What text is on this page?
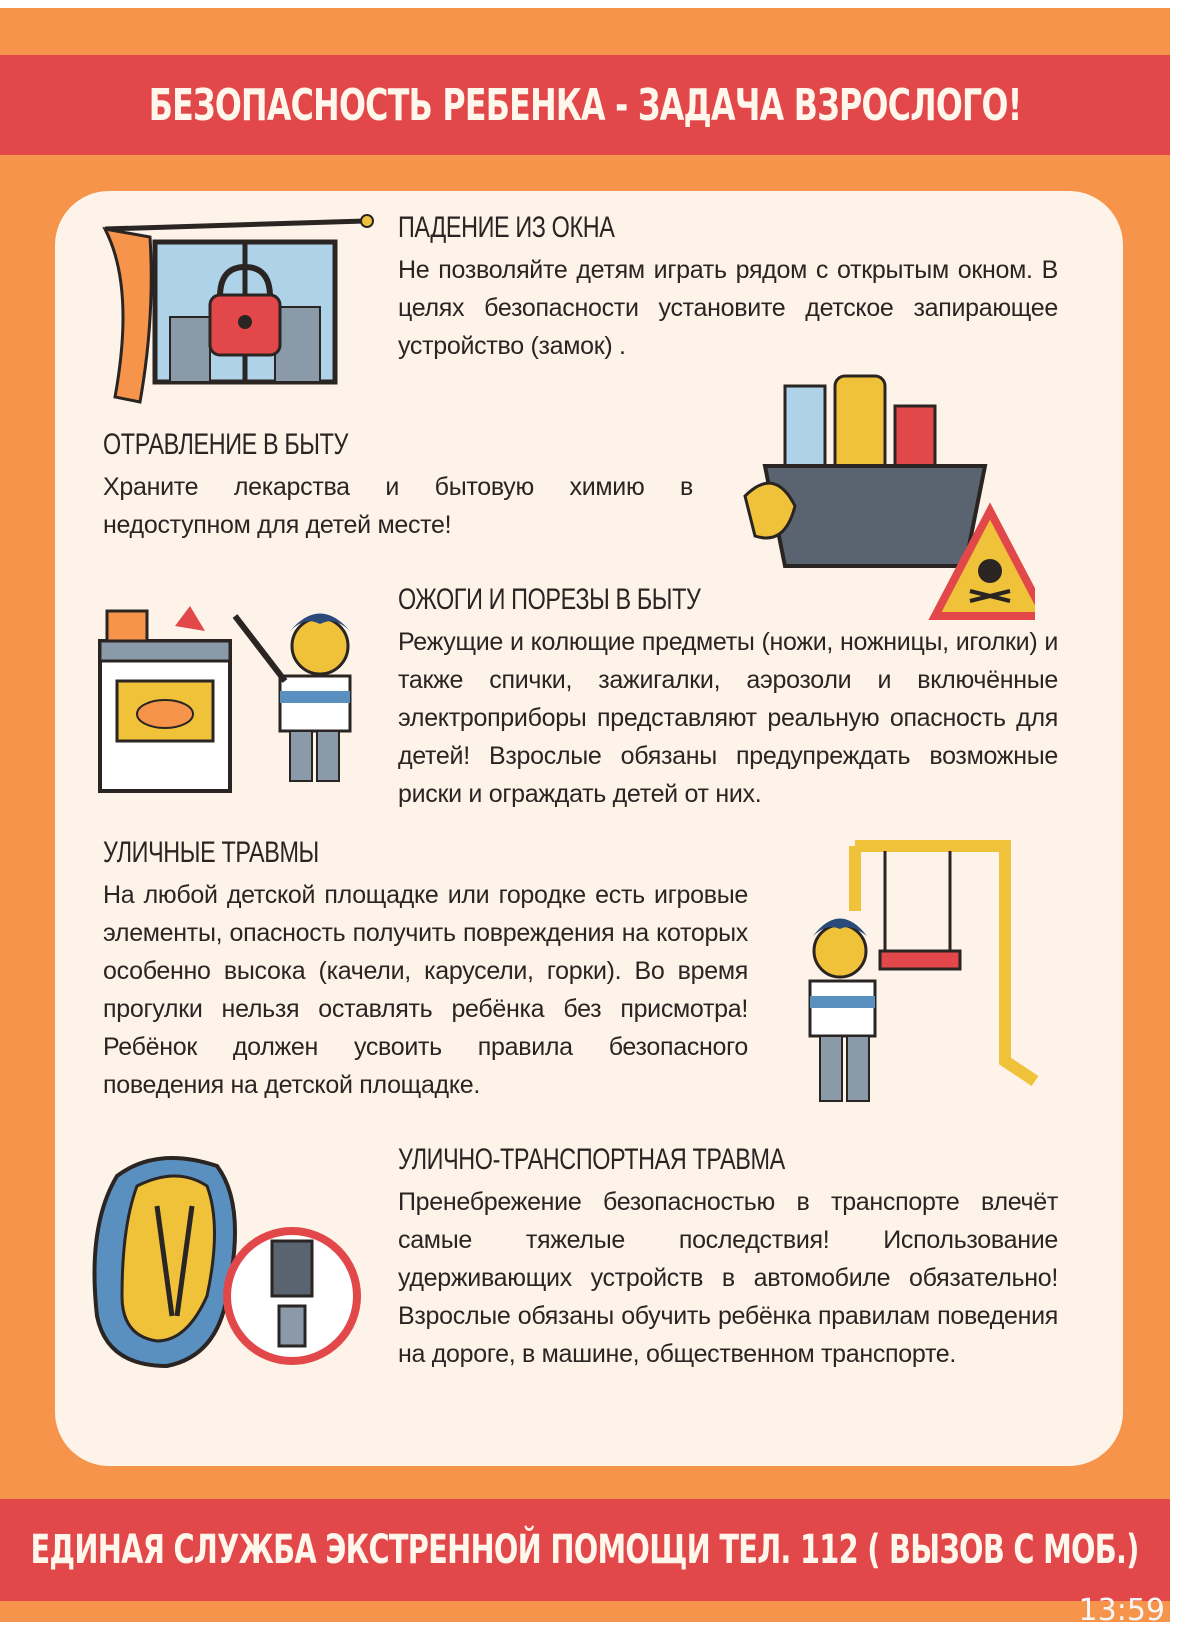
БЕЗОПАСНОСТЬ РЕБЕНКА - ЗАДАЧА ВЗРОСЛОГО!
ПАДЕНИЕ ИЗ ОКНА
Не позволяйте детям играть рядом с открытым окном. В целях безопасности установите детское запирающее устройство (замок) .
ОТРАВЛЕНИЕ В БЫТУ
Храните лекарства и бытовую химию в недоступном для детей месте!
ОЖОГИ И ПОРЕЗЫ В БЫТУ
Режущие и колющие предметы (ножи, ножницы, иголки) и также спички, зажигалки, аэрозоли и включённые электроприборы представляют реальную опасность для детей! Взрослые обязаны предупреждать возможные риски и ограждать детей от них.
УЛИЧНЫЕ ТРАВМЫ
На любой детской площадке или городке есть игровые элементы, опасность получить повреждения на которых особенно высока (качели, карусели, горки). Во время прогулки нельзя оставлять ребёнка без присмотра! Ребёнок должен усвоить правила безопасного поведения на детской площадке.
УЛИЧНО-ТРАНСПОРТНАЯ ТРАВМА
Пренебрежение безопасностью в транспорте влечёт самые тяжелые последствия! Использование удерживающих устройств в автомобиле обязательно! Взрослые обязаны обучить ребёнка правилам поведения на дороге, в машине, общественном транспорте.
ЕДИНАЯ СЛУЖБА ЭКСТРЕННОЙ ПОМОЩИ ТЕЛ. 112 ( ВЫЗОВ С МОБ.)
13:59
